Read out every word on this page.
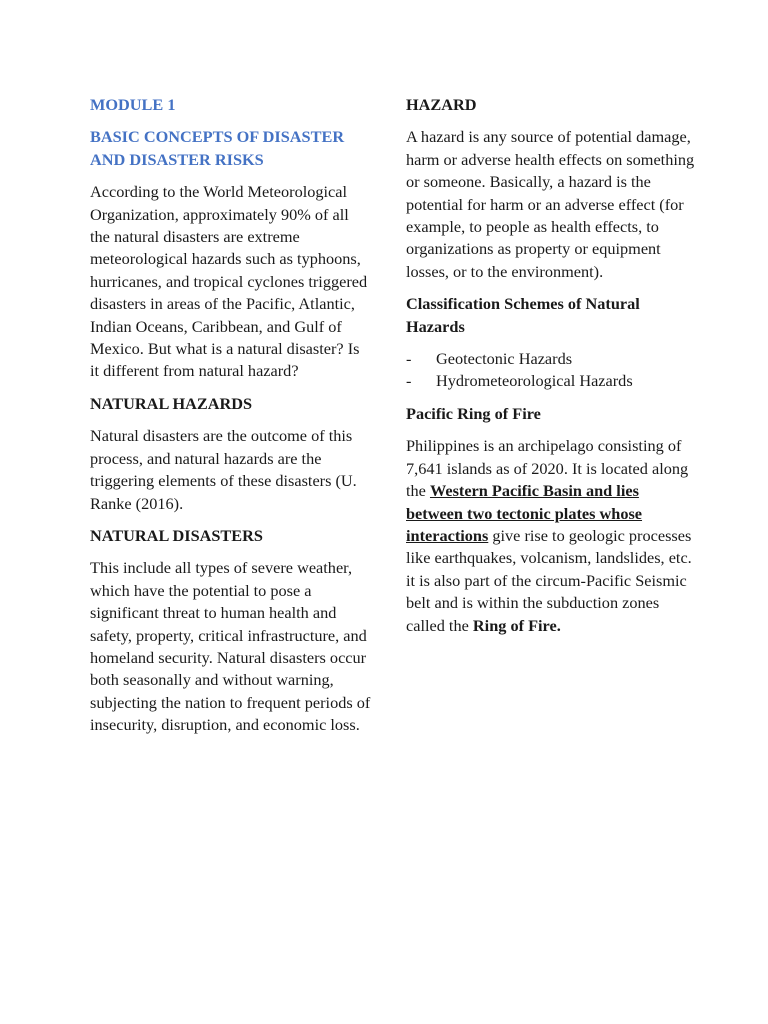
MODULE 1
BASIC CONCEPTS OF DISASTER AND DISASTER RISKS

According to the World Meteorological Organization, approximately 90% of all the natural disasters are extreme meteorological hazards such as typhoons, hurricanes, and tropical cyclones triggered disasters in areas of the Pacific, Atlantic, Indian Oceans, Caribbean, and Gulf of Mexico. But what is a natural disaster? Is it different from natural hazard?

NATURAL HAZARDS

Natural disasters are the outcome of this process, and natural hazards are the triggering elements of these disasters (U. Ranke (2016).

NATURAL DISASTERS

This include all types of severe weather, which have the potential to pose a significant threat to human health and safety, property, critical infrastructure, and homeland security. Natural disasters occur both seasonally and without warning, subjecting the nation to frequent periods of insecurity, disruption, and economic loss.

HAZARD

A hazard is any source of potential damage, harm or adverse health effects on something or someone. Basically, a hazard is the potential for harm or an adverse effect (for example, to people as health effects, to organizations as property or equipment losses, or to the environment).

Classification Schemes of Natural Hazards
-	Geotectonic Hazards
-	Hydrometeorological Hazards
Pacific Ring of Fire

Philippines is an archipelago consisting of 7,641 islands as of 2020. It is located along the Western Pacific Basin and lies between two tectonic plates whose interactions give rise to geologic processes like earthquakes, volcanism, landslides, etc. it is also part of the circum-Pacific Seismic belt and is within the subduction zones called the Ring of Fire.
